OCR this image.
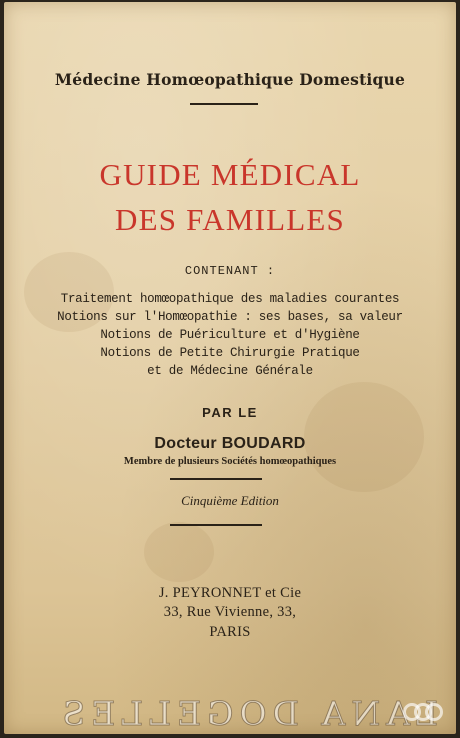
Médecine Homœopathique Domestique
GUIDE MÉDICAL
DES FAMILLES
CONTENANT :
Traitement homœopathique des maladies courantes
Notions sur l'Homœopathie : ses bases, sa valeur
Notions de Puériculture et d'Hygiène
Notions de Petite Chirurgie Pratique
et de Médecine Générale
PAR LE
Docteur BOUDARD
Membre de plusieurs Sociétés homœopathiques
Cinquième Edition
J. PEYRONNET et Cie
33, Rue Vivienne, 33,
PARIS
LANA DOGELLES
